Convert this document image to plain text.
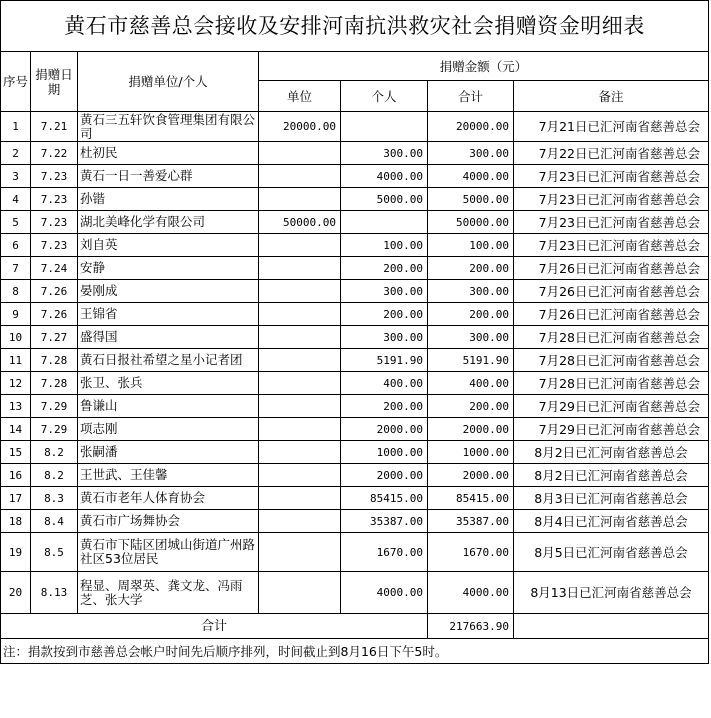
黄石市慈善总会接收及安排河南抗洪救灾社会捐赠资金明细表						
序号	捐赠日期	捐赠单位/个人	捐赠金额（元）			
			单位	个人	合计	备注
1	7.21	黄石三五轩饮食管理集团有限公司	20000.00		20000.00	7月21日已汇河南省慈善总会
2	7.22	杜初民		300.00	300.00	7月22日已汇河南省慈善总会
3	7.23	黄石一日一善爱心群		4000.00	4000.00	7月23日已汇河南省慈善总会
4	7.23	孙锴		5000.00	5000.00	7月23日已汇河南省慈善总会
5	7.23	湖北美峰化学有限公司	50000.00		50000.00	7月23日已汇河南省慈善总会
6	7.23	刘自英		100.00	100.00	7月23日已汇河南省慈善总会
7	7.24	安静		200.00	200.00	7月26日已汇河南省慈善总会
8	7.26	晏刚成		300.00	300.00	7月26日已汇河南省慈善总会
9	7.26	王锦省		200.00	200.00	7月26日已汇河南省慈善总会
10	7.27	盛得国		300.00	300.00	7月28日已汇河南省慈善总会
11	7.28	黄石日报社希望之星小记者团		5191.90	5191.90	7月28日已汇河南省慈善总会
12	7.28	张卫、张兵		400.00	400.00	7月28日已汇河南省慈善总会
13	7.29	鲁谦山		200.00	200.00	7月29日已汇河南省慈善总会
14	7.29	项志刚		2000.00	2000.00	7月29日已汇河南省慈善总会
15	8.2	张嗣潘		1000.00	1000.00	8月2日已汇河南省慈善总会
16	8.2	王世武、王佳馨		2000.00	2000.00	8月2日已汇河南省慈善总会
17	8.3	黄石市老年人体育协会		85415.00	85415.00	8月3日已汇河南省慈善总会
18	8.4	黄石市广场舞协会		35387.00	35387.00	8月4日已汇河南省慈善总会
19	8.5	黄石市下陆区团城山街道广州路社区53位居民		1670.00	1670.00	8月5日已汇河南省慈善总会
20	8.13	程显、周翠英、龚文龙、冯雨芝、张大学		4000.00	4000.00	8月13日已汇河南省慈善总会
合计					217663.90	
注：捐款按到市慈善总会帐户时间先后顺序排列，时间截止到8月16日下午5时。						
